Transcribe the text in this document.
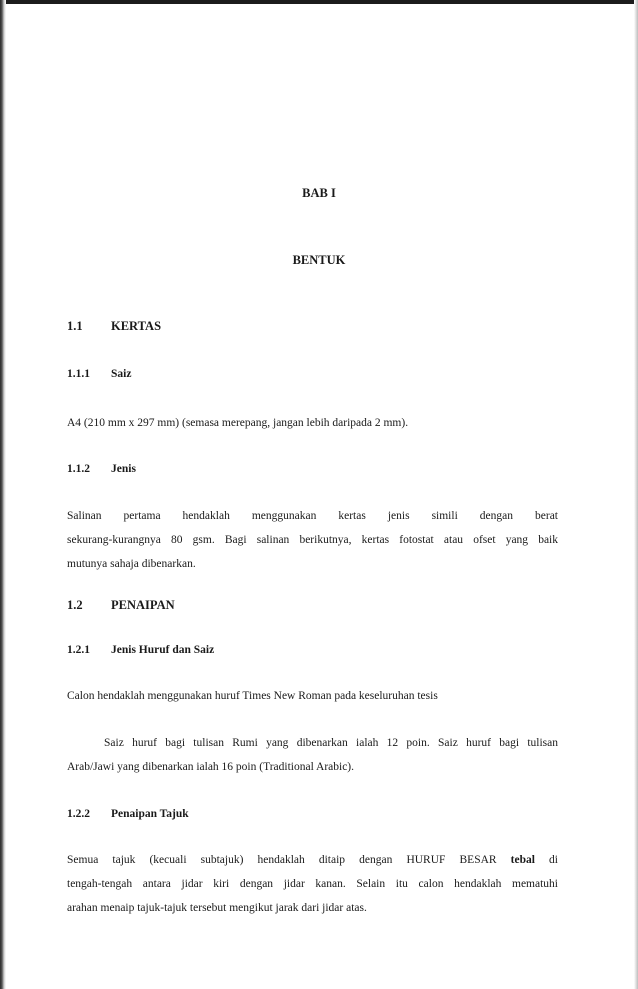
BAB I

BENTUK

1.1 KERTAS

1.1.1 Saiz

A4 (210 mm x 297 mm) (semasa merepang, jangan lebih daripada 2 mm).

1.1.2 Jenis

Salinan pertama hendaklah menggunakan kertas jenis simili dengan berat

sekurang-kurangnya 80 gsm. Bagi salinan berikutnya, kertas fotostat atau ofset yang baik

mutunya sahaja dibenarkan.

1.2 PENAIPAN

1.2.1 Jenis Huruf dan Saiz

Calon hendaklah menggunakan huruf Times New Roman pada keseluruhan tesis

Saiz huruf bagi tulisan Rumi yang dibenarkan ialah 12 poin. Saiz huruf bagi tulisan

Arab/Jawi yang dibenarkan ialah 16 poin (Traditional Arabic).

1.2.2 Penaipan Tajuk

Semua tajuk (kecuali subtajuk) hendaklah ditaip dengan HURUF BESAR tebal di

tengah-tengah antara jidar kiri dengan jidar kanan. Selain itu calon hendaklah mematuhi

arahan menaip tajuk-tajuk tersebut mengikut jarak dari jidar atas.
